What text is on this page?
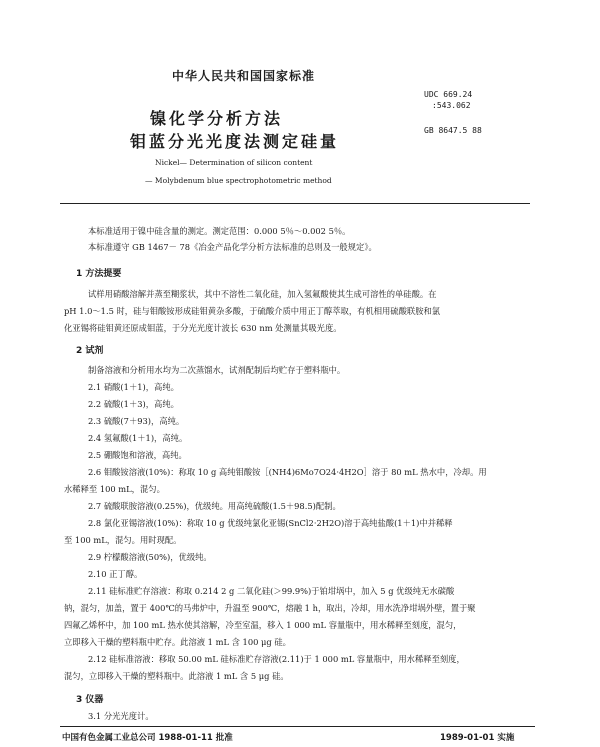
中华人民共和国国家标准
镍化学分析方法
钼蓝分光光度法测定硅量
UDC 669.24
:543.062
GB 8647.5 88
Nickel— Determination of silicon content
— Molybdenum blue spectrophotometric method
本标准适用于镍中硅含量的测定。测定范围：0.000 5％～0.002 5％。
本标准遵守 GB 1467－ 78《冶金产品化学分析方法标准的总则及一般规定》。
1 方法提要
试样用硝酸溶解并蒸至糊浆状，其中不溶性二氧化硅，加入氢氟酸使其生成可溶性的单硅酸。在
pH 1.0～1.5 时，硅与钼酸铵形成硅钼黄杂多酸，于硫酸介质中用正丁醇萃取，有机相用硫酸联胺和氯
化亚锡将硅钼黄还原成钼蓝，于分光光度计波长 630 nm 处测量其吸光度。
2 试剂
制备溶液和分析用水均为二次蒸馏水，试剂配制后均贮存于塑料瓶中。
2.1 硝酸(1＋1)，高纯。
2.2 硫酸(1＋3)，高纯。
2.3 硫酸(7＋93)，高纯。
2.4 氢氟酸(1＋1)，高纯。
2.5 硼酸饱和溶液，高纯。
2.6 钼酸铵溶液(10%)：称取 10 g 高纯钼酸铵［(NH4)6Mo7O24·4H2O］溶于 80 mL 热水中，冷却。用
水稀释至 100 mL，混匀。
2.7 硫酸联胺溶液(0.25%)，优级纯。用高纯硫酸(1.5＋98.5)配制。
2.8 氯化亚锡溶液(10%)：称取 10 g 优级纯氯化亚锡(SnCl2·2H2O)溶于高纯盐酸(1＋1)中并稀释
至 100 mL，混匀。用时现配。
2.9 柠檬酸溶液(50%)，优级纯。
2.10 正丁醇。
2.11 硅标准贮存溶液：称取 0.214 2 g 二氧化硅(＞99.9%)于铂坩埚中，加入 5 g 优级纯无水碳酸
钠，混匀，加盖，置于 400℃的马弗炉中，升温至 900℃，熔融 1 h，取出，冷却，用水洗净坩埚外壁，置于聚
四氟乙烯杯中，加 100 mL 热水使其溶解，冷至室温，移入 1 000 mL 容量瓶中，用水稀释至刻度，混匀，
立即移入干燥的塑料瓶中贮存。此溶液 1 mL 含 100 μg 硅。
2.12 硅标准溶液：移取 50.00 mL 硅标准贮存溶液(2.11)于 1 000 mL 容量瓶中，用水稀释至刻度，
混匀，立即移入干燥的塑料瓶中。此溶液 1 mL 含 5 μg 硅。
3 仪器
3.1 分光光度计。
中国有色金属工业总公司 1988-01-11 批准	1989-01-01 实施
